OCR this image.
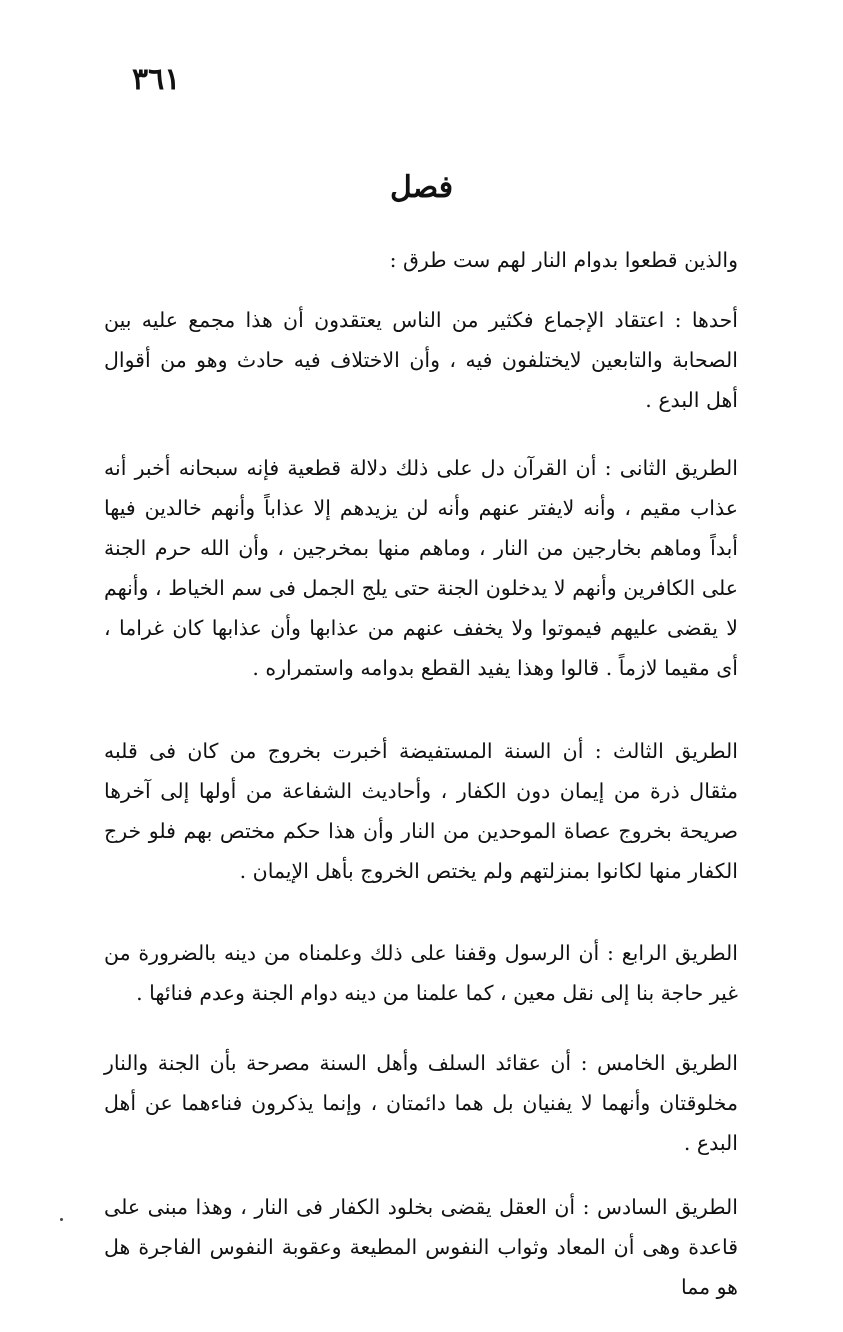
٣٦١
فصل
والذين قطعوا بدوام النار لهم ست طرق :

أحدها : اعتقاد الإجماع فكثير من الناس يعتقدون أن هذا مجمع عليه بين الصحابة والتابعين لايختلفون فيه ، وأن الاختلاف فيه حادث وهو من أقوال أهل البدع .

الطريق الثانى : أن القرآن دل على ذلك دلالة قطعية فإنه سبحانه أخبر أنه عذاب مقيم ، وأنه لايفتر عنهم وأنه لن يزيدهم إلا عذاباً وأنهم خالدين فيها أبداً وماهم بخارجين من النار ، وماهم منها بمخرجين ، وأن الله حرم الجنة على الكافرين وأنهم لا يدخلون الجنة حتى يلج الجمل فى سم الخياط ، وأنهم لا يقضى عليهم فيموتوا ولا يخفف عنهم من عذابها وأن عذابها كان غراما ، أى مقيما لازماً . قالوا وهذا يفيد القطع بدوامه واستمراره .

الطريق الثالث : أن السنة المستفيضة أخبرت بخروج من كان فى قلبه مثقال ذرة من إيمان دون الكفار ، وأحاديث الشفاعة من أولها إلى آخرها صريحة بخروج عصاة الموحدين من النار وأن هذا حكم مختص بهم فلو خرج الكفار منها لكانوا بمنزلتهم ولم يختص الخروج بأهل الإيمان .

الطريق الرابع : أن الرسول وقفنا على ذلك وعلمناه من دينه بالضرورة من غير حاجة بنا إلى نقل معين ، كما علمنا من دينه دوام الجنة وعدم فنائها .

الطريق الخامس : أن عقائد السلف وأهل السنة مصرحة بأن الجنة والنار مخلوقتان وأنهما لا يفنيان بل هما دائمتان ، وإنما يذكرون فناءهما عن أهل البدع .

الطريق السادس : أن العقل يقضى بخلود الكفار فى النار ، وهذا مبنى على قاعدة وهى أن المعاد وثواب النفوس المطيعة وعقوبة النفوس الفاجرة هل هو مما
